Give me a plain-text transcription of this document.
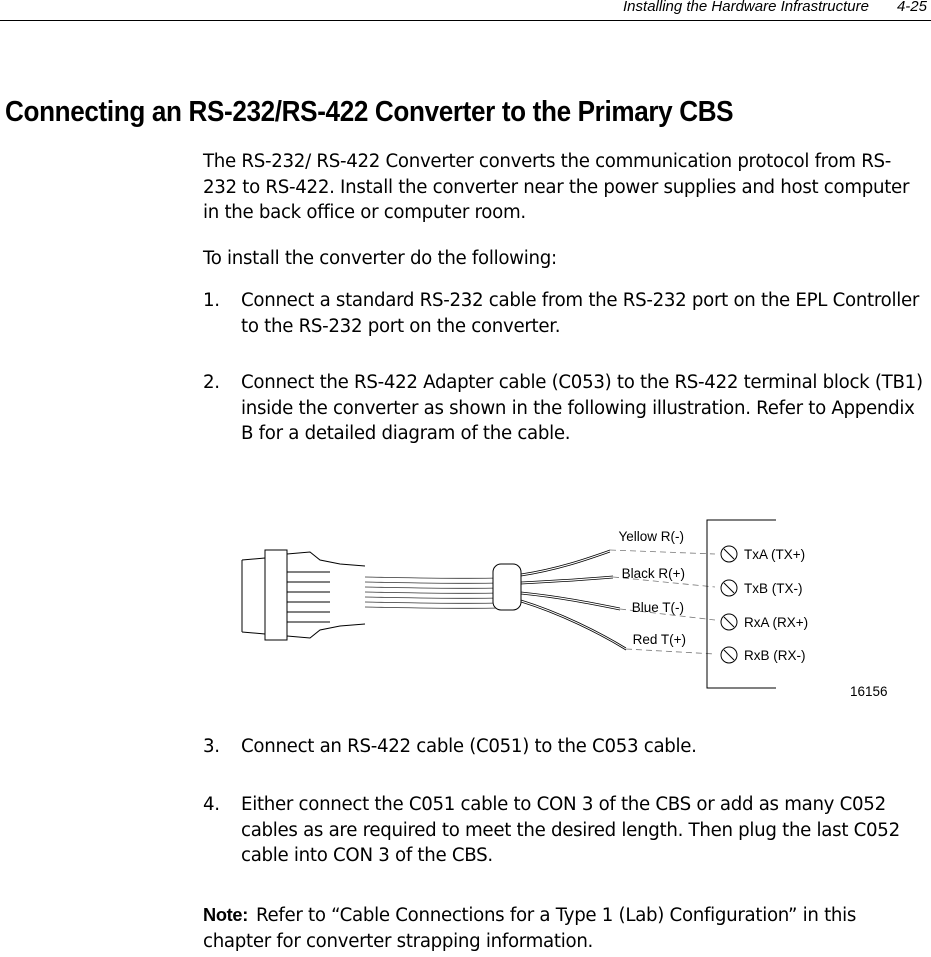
Installing the Hardware Infrastructure 4-25
Connecting an RS-232/RS-422 Converter to the Primary CBS

The RS-232/ RS-422 Converter converts the communication protocol from RS-232 to RS-422. Install the converter near the power supplies and host computer in the back office or computer room.

To install the converter do the following:

1. Connect a standard RS-232 cable from the RS-232 port on the EPL Controller to the RS-232 port on the converter.
2. Connect the RS-422 Adapter cable (C053) to the RS-422 terminal block (TB1) inside the converter as shown in the following illustration. Refer to Appendix B for a detailed diagram of the cable.
Yellow R(-)
Black R(+)
Blue T(-)
Red T(+)
TxA (TX+)
TxB (TX-)
RxA (RX+)
RxB (RX-)
16156
3. Connect an RS-422 cable (C051) to the C053 cable.
4. Either connect the C051 cable to CON 3 of the CBS or add as many C052 cables as are required to meet the desired length. Then plug the last C052 cable into CON 3 of the CBS.
Note: Refer to “Cable Connections for a Type 1 (Lab) Configuration” in this chapter for converter strapping information.
